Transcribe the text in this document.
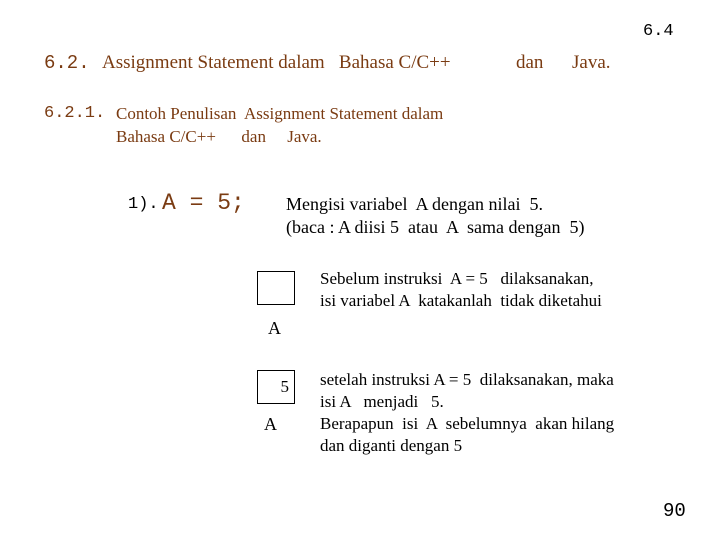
6.4
6.2. Assignment Statement dalam   Bahasa C/C++	dan Java.
6.2.1. Contoh Penulisan  Assignment Statement dalam
Bahasa C/C++      dan     Java.
1). A = 5; Mengisi variabel  A dengan nilai  5.
(baca : A diisi 5  atau  A  sama dengan  5)
A
Sebelum instruksi  A = 5   dilaksanakan,
isi variabel A  katakanlah  tidak diketahui
5
A
setelah instruksi A = 5  dilaksanakan, maka
isi A   menjadi   5.
Berapapun  isi  A  sebelumnya  akan hilang
dan diganti dengan 5
90
